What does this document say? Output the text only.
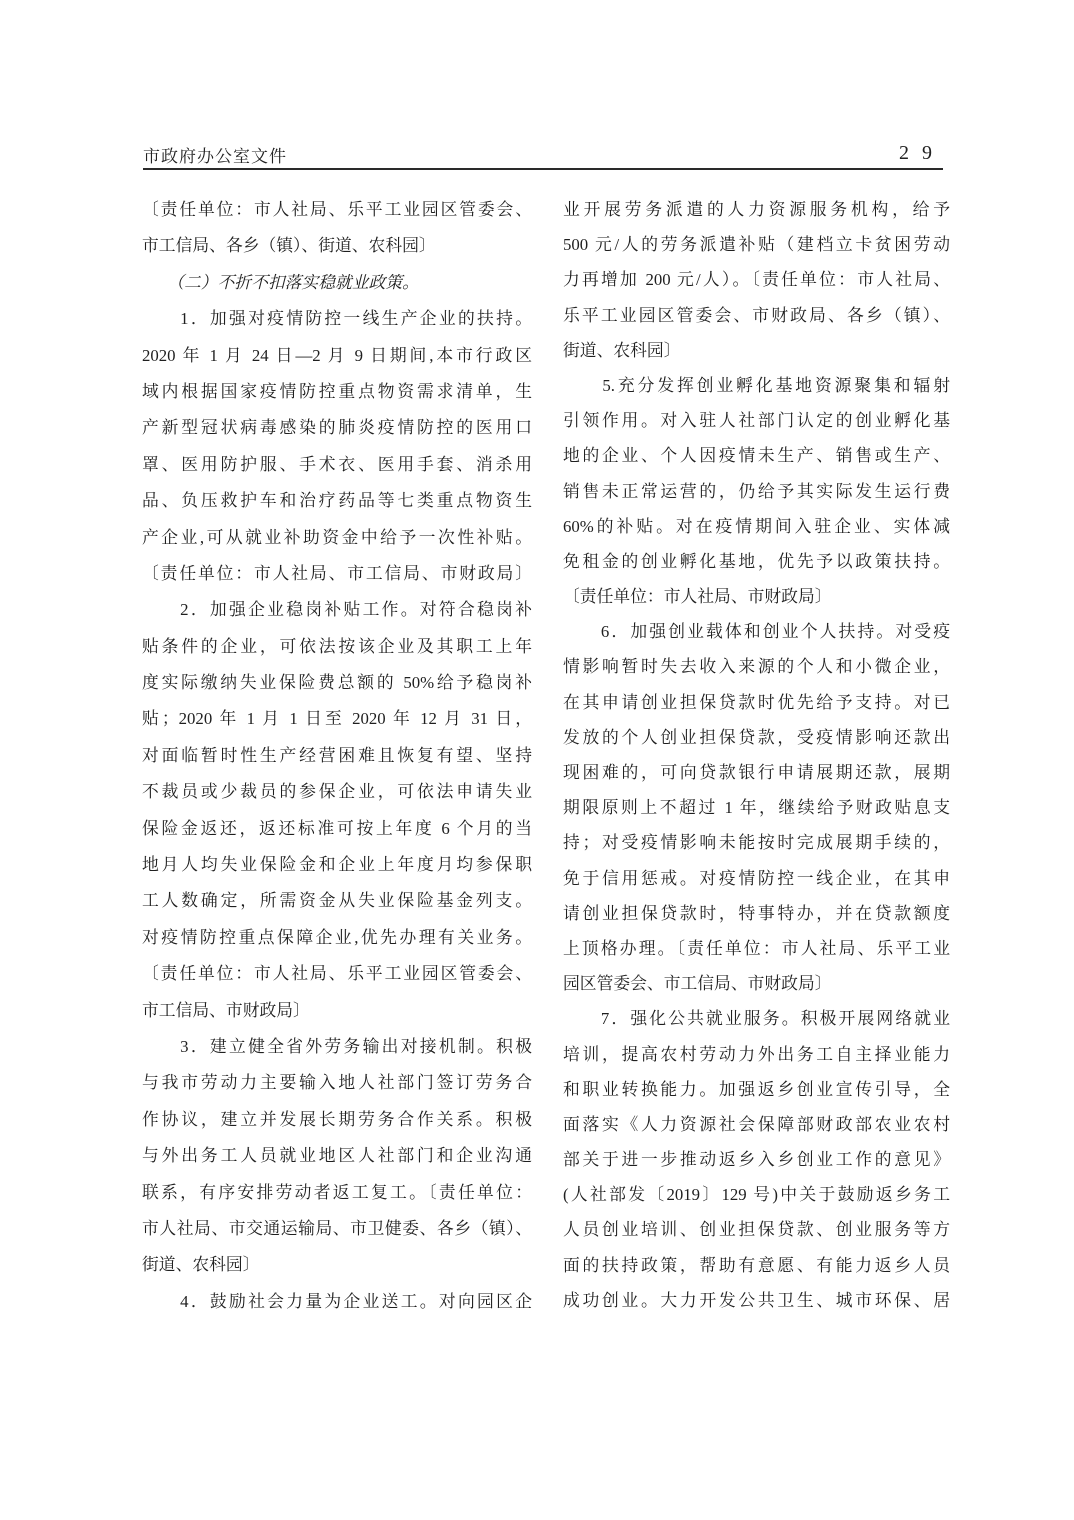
市政府办公室文件	2 9
〔责任单位：市人社局、乐平工业园区管委会、
市工信局、各乡（镇）、街道、农科园〕
　　（二）不折不扣落实稳就业政策。
　　1．加强对疫情防控一线生产企业的扶持。
2020 年 1 月 24 日—2 月 9 日期间,本市行政区
域内根据国家疫情防控重点物资需求清单，生
产新型冠状病毒感染的肺炎疫情防控的医用口
罩、医用防护服、手术衣、医用手套、消杀用
品、负压救护车和治疗药品等七类重点物资生
产企业,可从就业补助资金中给予一次性补贴。
〔责任单位：市人社局、市工信局、市财政局〕
　　2．加强企业稳岗补贴工作。对符合稳岗补
贴条件的企业，可依法按该企业及其职工上年
度实际缴纳失业保险费总额的 50%给予稳岗补
贴；2020 年 1 月 1 日至 2020 年 12 月 31 日，
对面临暂时性生产经营困难且恢复有望、坚持
不裁员或少裁员的参保企业，可依法申请失业
保险金返还，返还标准可按上年度 6 个月的当
地月人均失业保险金和企业上年度月均参保职
工人数确定，所需资金从失业保险基金列支。
对疫情防控重点保障企业,优先办理有关业务。
〔责任单位：市人社局、乐平工业园区管委会、
市工信局、市财政局〕
　　3．建立健全省外劳务输出对接机制。积极
与我市劳动力主要输入地人社部门签订劳务合
作协议，建立并发展长期劳务合作关系。积极
与外出务工人员就业地区人社部门和企业沟通
联系，有序安排劳动者返工复工。〔责任单位：
市人社局、市交通运输局、市卫健委、各乡（镇）、
街道、农科园〕
　　4．鼓励社会力量为企业送工。对向园区企
业开展劳务派遣的人力资源服务机构，给予
500 元/人的劳务派遣补贴（建档立卡贫困劳动
力再增加 200 元/人）。〔责任单位：市人社局、
乐平工业园区管委会、市财政局、各乡（镇）、
街道、农科园〕
　　5.充分发挥创业孵化基地资源聚集和辐射
引领作用。对入驻人社部门认定的创业孵化基
地的企业、个人因疫情未生产、销售或生产、
销售未正常运营的，仍给予其实际发生运行费
60%的补贴。对在疫情期间入驻企业、实体减
免租金的创业孵化基地，优先予以政策扶持。
〔责任单位：市人社局、市财政局〕
　　6．加强创业载体和创业个人扶持。对受疫
情影响暂时失去收入来源的个人和小微企业，
在其申请创业担保贷款时优先给予支持。对已
发放的个人创业担保贷款，受疫情影响还款出
现困难的，可向贷款银行申请展期还款，展期
期限原则上不超过 1 年，继续给予财政贴息支
持；对受疫情影响未能按时完成展期手续的，
免于信用惩戒。对疫情防控一线企业，在其申
请创业担保贷款时，特事特办，并在贷款额度
上顶格办理。〔责任单位：市人社局、乐平工业
园区管委会、市工信局、市财政局〕
　　7．强化公共就业服务。积极开展网络就业
培训，提高农村劳动力外出务工自主择业能力
和职业转换能力。加强返乡创业宣传引导，全
面落实《人力资源社会保障部财政部农业农村
部关于进一步推动返乡入乡创业工作的意见》
(人社部发〔2019〕129 号)中关于鼓励返乡务工
人员创业培训、创业担保贷款、创业服务等方
面的扶持政策，帮助有意愿、有能力返乡人员
成功创业。大力开发公共卫生、城市环保、居
